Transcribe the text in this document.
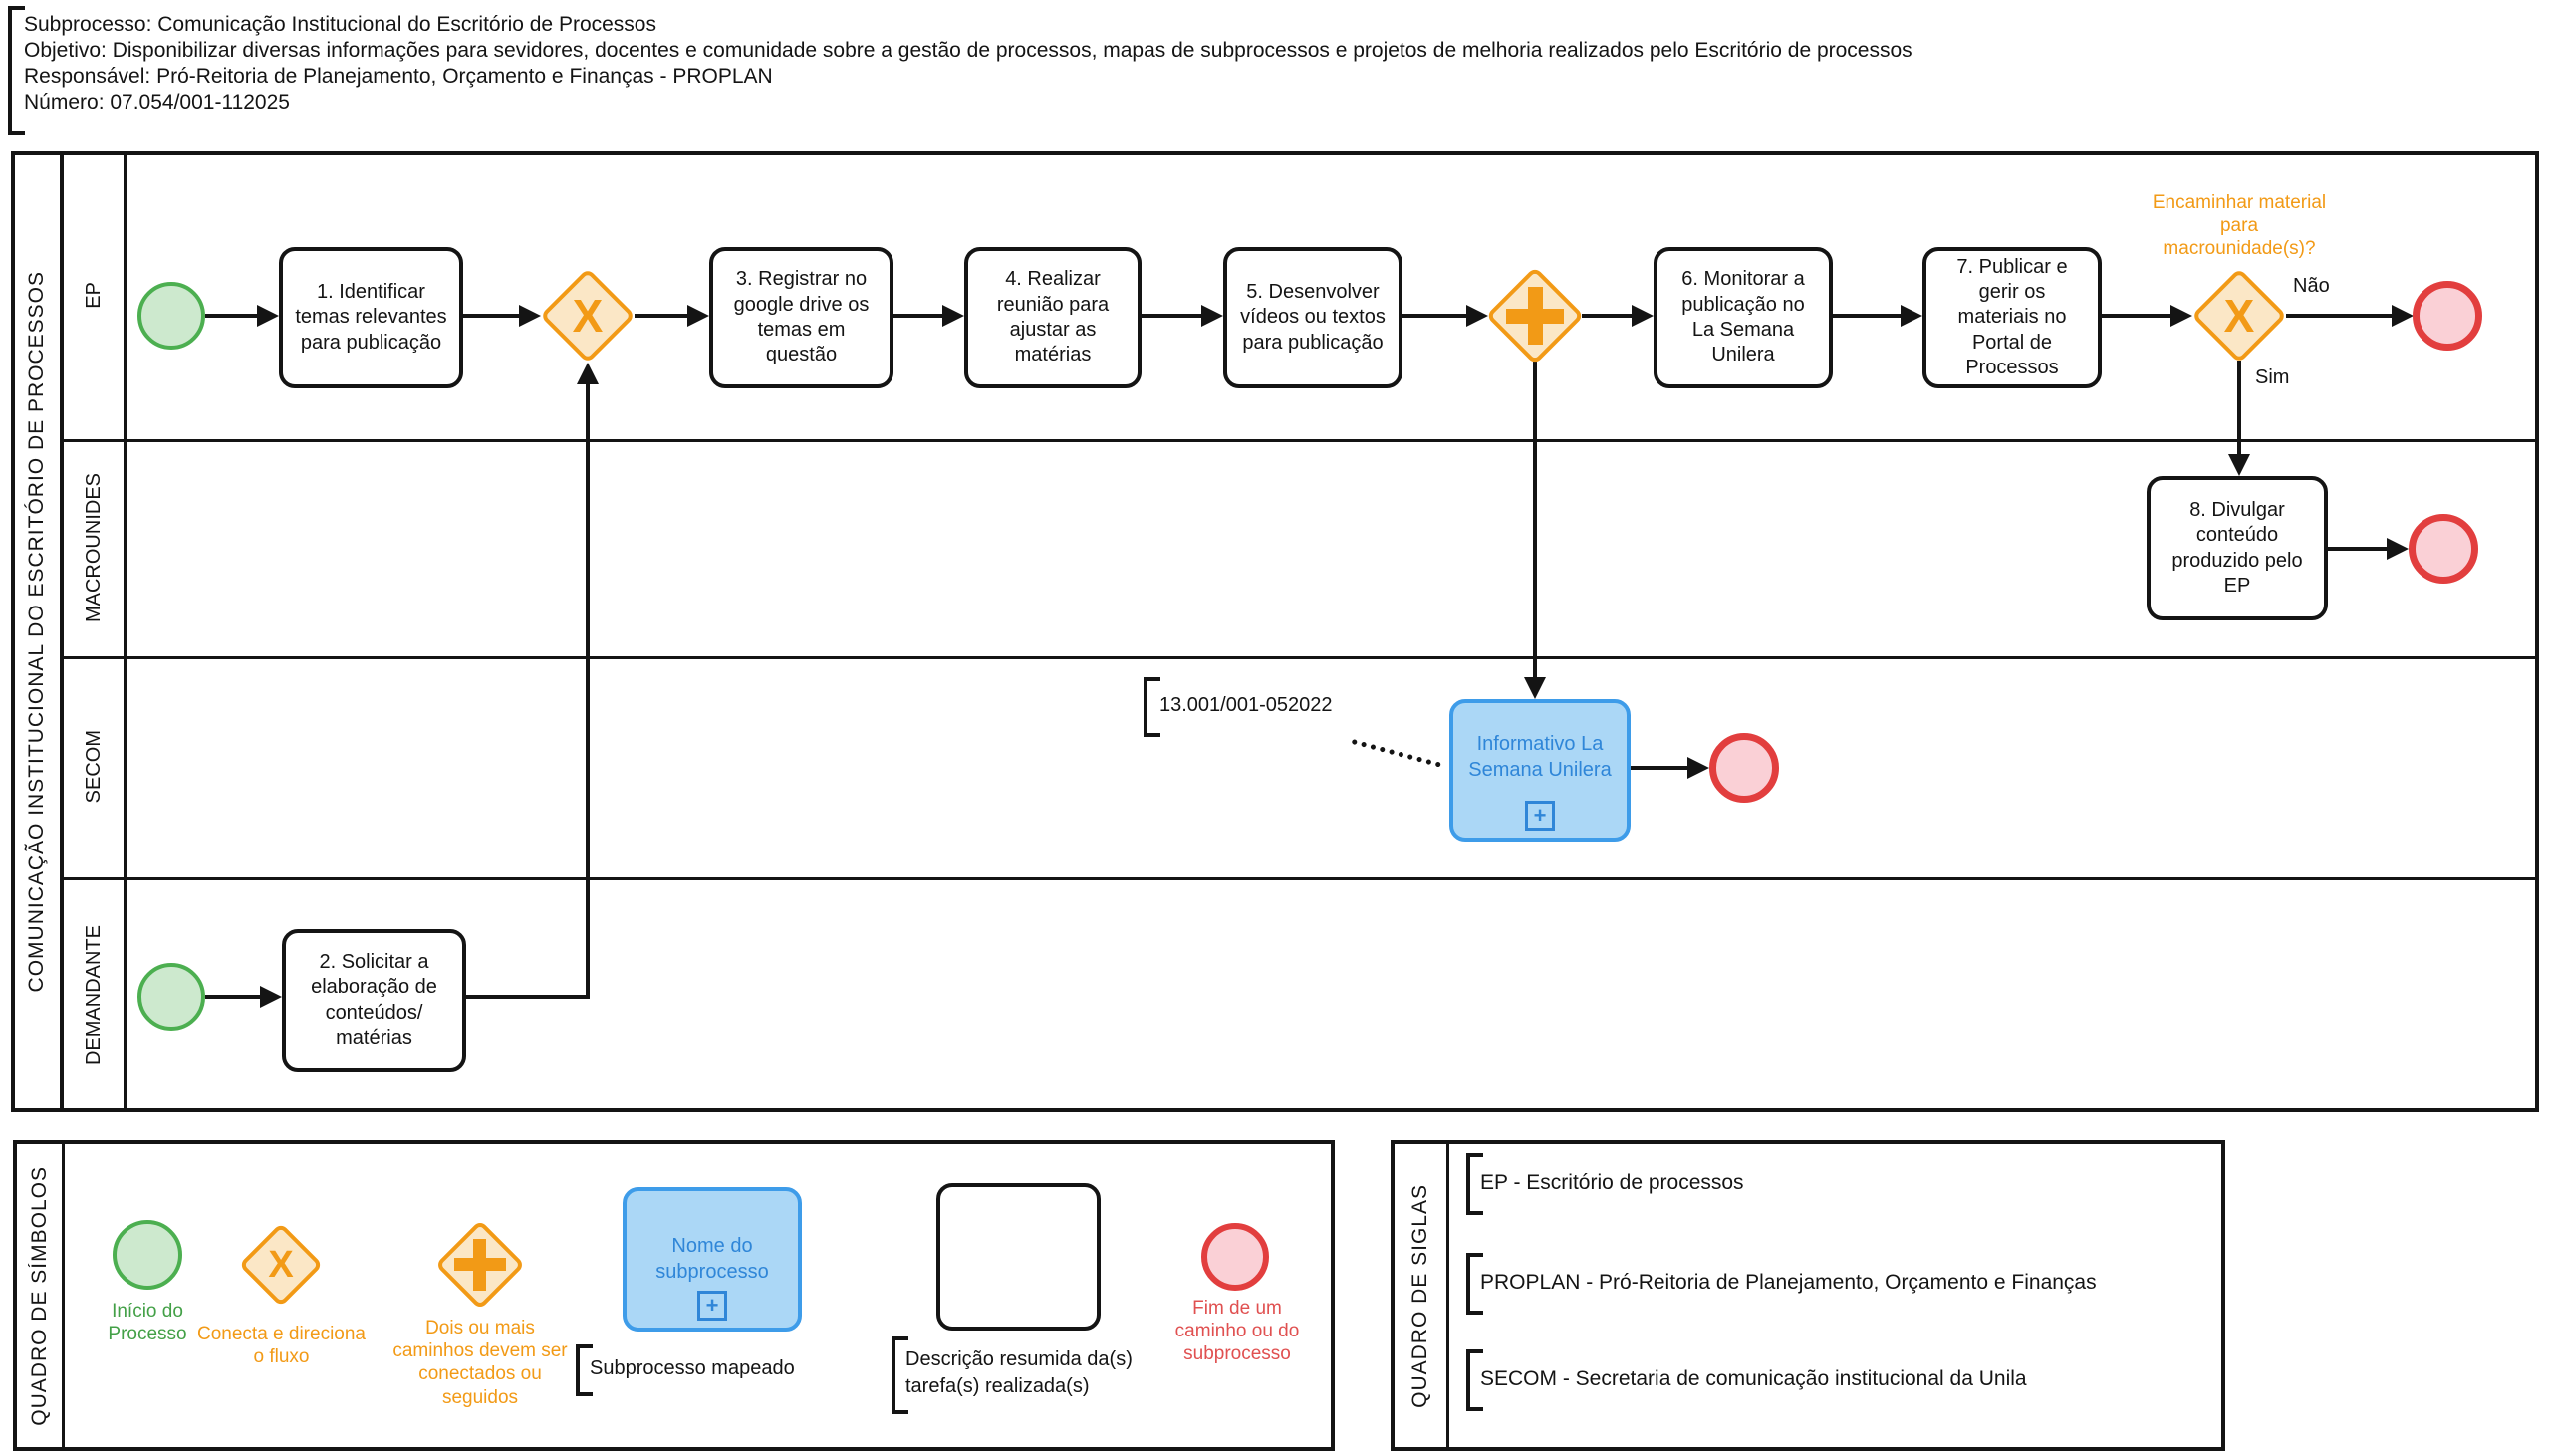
Subprocesso: Comunicação Institucional do Escritório de Processos
Objetivo: Disponibilizar diversas informações para sevidores, docentes e comunidade sobre a gestão de processos, mapas de subprocessos e projetos de melhoria realizados pelo Escritório de processos
Responsável: Pró-Reitoria de Planejamento, Orçamento e Finanças - PROPLAN
Número: 07.054/001-112025
COMUNICAÇÃO INSTITUCIONAL DO ESCRITÓRIO DE PROCESSOS EP
MACROUNIDES
SECOM
DEMANDANTE
1. Identificar temas relevantes para publicação
X
3. Registrar no google drive os temas em questão
4. Realizar reunião para ajustar as matérias
5. Desenvolver vídeos ou textos para publicação
6. Monitorar a publicação no La Semana Unilera
7. Publicar e gerir os materiais no Portal de Processos
X
Encaminhar material para macrounidade(s)?
Não
Sim
8. Divulgar conteúdo produzido pelo EP
13.001/001-052022
Informativo La Semana Unilera
+
2. Solicitar a elaboração de conteúdos/ matérias
QUADRO DE SÍMBOLOS	Início do Processo
X
Conecta e direciona o fluxo
Dois ou mais caminhos devem ser conectados ou seguidos
Nome do subprocesso
+
Subprocesso mapeado	Descrição resumida da(s) tarefa(s) realizada(s)
Fim de um caminho ou do subprocesso	QUADRO DE SIGLAS
EP - Escritório de processos
PROPLAN - Pró-Reitoria de Planejamento, Orçamento e Finanças
SECOM - Secretaria de comunicação institucional da Unila
